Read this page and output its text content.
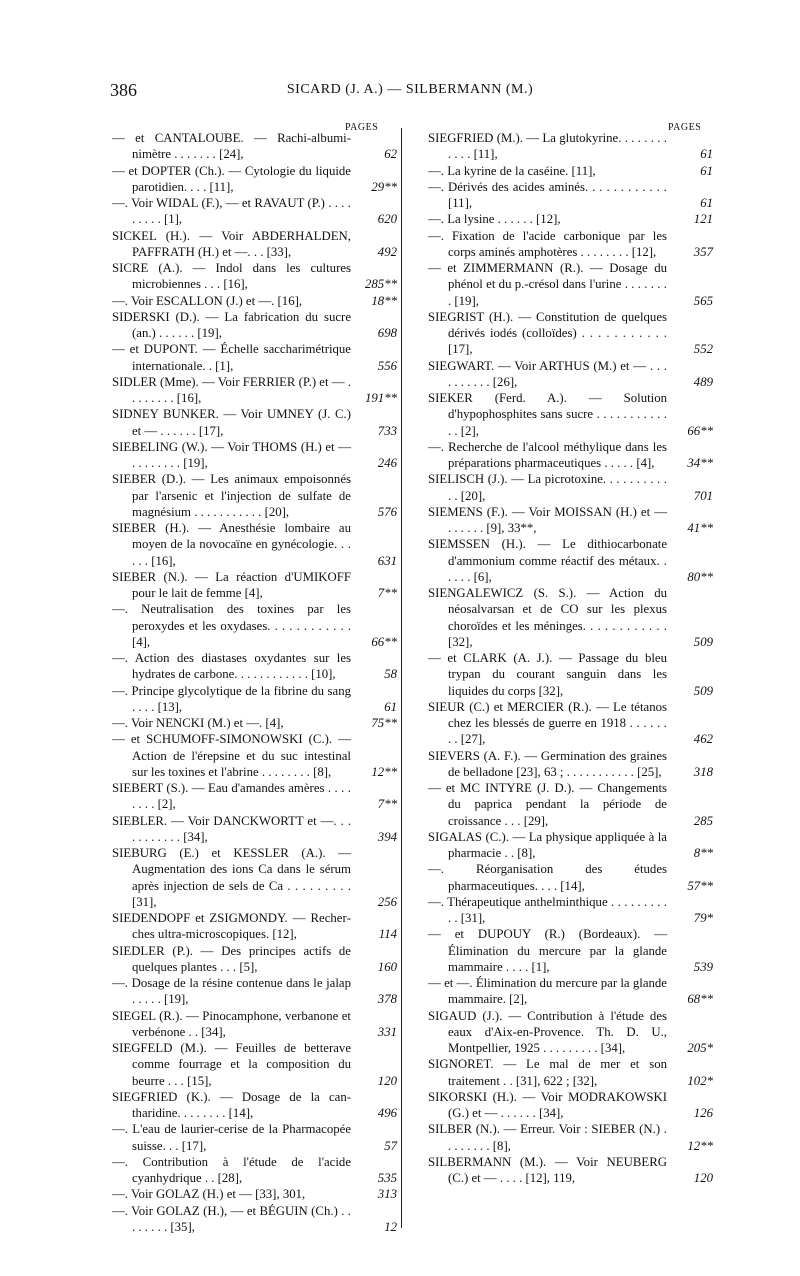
386	SICARD (J. A.) — SILBERMANN (M.)
PAGES	PAGES
— et CANTALOUBE. — Rachi-albuminimètre . . . . . . . [24],	62
— et DOPTER (Ch.). — Cytologie du liquide parotidien. . . . [11],	29**
—. Voir WIDAL (F.), — et RAVAUT (P.) . . . . . . . . . [1],	620
SICKEL (H.). — Voir ABDERHALDEN, PAFFRATH (H.) et —. . . [33],	492
SICRE (A.). — Indol dans les cultures microbiennes . . . [16],	285**
—. Voir ESCALLON (J.) et —. [16],	18**
SIDERSKI (D.). — La fabrication du sucre (an.) . . . . . . [19],	698
— et DUPONT. — Échelle saccharimétrique internationale. . [1],	556
SIDLER (Mme). — Voir FERRIER (P.) et — . . . . . . . . [16],	191**
SIDNEY BUNKER. — Voir UMNEY (J. C.) et — . . . . . . [17],	733
SIEBELING (W.). — Voir THOMS (H.) et — . . . . . . . . [19],	246
SIEBER (D.). — Les animaux empoisonnés par l'arsenic et l'injection de sulfate de magnésium . . . . . . . . . . . [20],	576
SIEBER (H.). — Anesthésie lombaire au moyen de la novocaïne en gynécologie. . . . . . [16],	631
SIEBER (N.). — La réaction d'UMIKOFF pour le lait de femme [4],	7**
—. Neutralisation des toxines par les peroxydes et les oxydases. . . . . . . . . . . . [4],	66**
—. Action des diastases oxydantes sur les hydrates de carbone. . . . . . . . . . . . [10],	58
—. Principe glycolytique de la fibrine du sang . . . . [13],	61
—. Voir NENCKI (M.) et —. [4],	75**
— et SCHUMOFF-SIMONOWSKI (C.). — Action de l'érepsine et du suc intestinal sur les toxines et l'abrine . . . . . . . . [8],	12**
SIEBERT (S.). — Eau d'amandes amères . . . . . . . . [2],	7**
SIEBLER. — Voir DANCKWORTT et —. . . . . . . . . . . [34],	394
SIEBURG (E.) et KESSLER (A.). — Augmentation des ions Ca dans le sérum après injection de sels de Ca . . . . . . . . . [31],	256
SIEDENDOPF et ZSIGMONDY. — Recherches ultra-microscopiques. [12],	114
SIEDLER (P.). — Des principes actifs de quelques plantes . . . [5],	160
—. Dosage de la résine contenue dans le jalap . . . . . [19],	378
SIEGEL (R.). — Pinocamphone, verbanone et verbénone . . [34],	331
SIEGFELD (M.). — Feuilles de betterave comme fourrage et la composition du beurre . . . [15],	120
SIEGFRIED (K.). — Dosage de la cantharidine. . . . . . . . [14],	496
—. L'eau de laurier-cerise de la Pharmacopée suisse. . . [17],	57
—. Contribution à l'étude de l'acide cyanhydrique . . [28],	535
—. Voir GOLAZ (H.) et — [33], 301,	313
—. Voir GOLAZ (H.), — et BÉGUIN (Ch.) . . . . . . . . [35],	12
SIEGFRIED (M.). — La glutokyrine. . . . . . . . . . . . [11],	61
—. La kyrine de la caséine. [11],	61
—. Dérivés des acides aminés. . . . . . . . . . . . [11],	61
—. La lysine . . . . . . [12],	121
—. Fixation de l'acide carbonique par les corps aminés amphotères . . . . . . . . [12],	357
— et ZIMMERMANN (R.). — Dosage du phénol et du p.-crésol dans l'urine . . . . . . . . [19],	565
SIEGRIST (H.). — Constitution de quelques dérivés iodés (colloïdes) . . . . . . . . . . . [17],	552
SIEGWART. — Voir ARTHUS (M.) et — . . . . . . . . . . [26],	489
SIEKER (Ferd. A.). — Solution d'hypophosphites sans sucre . . . . . . . . . . . . . [2],	66**
—. Recherche de l'alcool méthylique dans les préparations pharmaceutiques . . . . . [4],	34**
SIELISCH (J.). — La picrotoxine. . . . . . . . . . . . [20],	701
SIEMENS (F.). — Voir MOISSAN (H.) et — . . . . . . [9], 33**,	41**
SIEMSSEN (H.). — Le dithiocarbonate d'ammonium comme réactif des métaux. . . . . . [6],	80**
SIENGALEWICZ (S. S.). — Action du néosalvarsan et de CO sur les plexus choroïdes et les méninges. . . . . . . . . . . . [32],	509
— et CLARK (A. J.). — Passage du bleu trypan du courant sanguin dans les liquides du corps [32],	509
SIEUR (C.) et MERCIER (R.). — Le tétanos chez les blessés de guerre en 1918 . . . . . . . . [27],	462
SIEVERS (A. F.). — Germination des graines de belladone [23], 63 ; . . . . . . . . . . . [25],	318
— et MC INTYRE (J. D.). — Changements du paprica pendant la période de croissance . . . [29],	285
SIGALAS (C.). — La physique appliquée à la pharmacie . . [8],	8**
—. Réorganisation des études pharmaceutiques. . . . [14],	57**
—. Thérapeutique anthelminthique . . . . . . . . . . . [31],	79*
— et DUPOUY (R.) (Bordeaux). — Élimination du mercure par la glande mammaire . . . . [1],	539
— et —. Élimination du mercure par la glande mammaire. [2],	68**
SIGAUD (J.). — Contribution à l'étude des eaux d'Aix-en-Provence. Th. D. U., Montpellier, 1925 . . . . . . . . . [34],	205*
SIGNORET. — Le mal de mer et son traitement . . [31], 622 ; [32],	102*
SIKORSKI (H.). — Voir MODRAKOWSKI (G.) et — . . . . . . [34],	126
SILBER (N.). — Erreur. Voir : SIEBER (N.) . . . . . . . . [8],	12**
SILBERMANN (M.). — Voir NEUBERG (C.) et — . . . . [12], 119,	120
